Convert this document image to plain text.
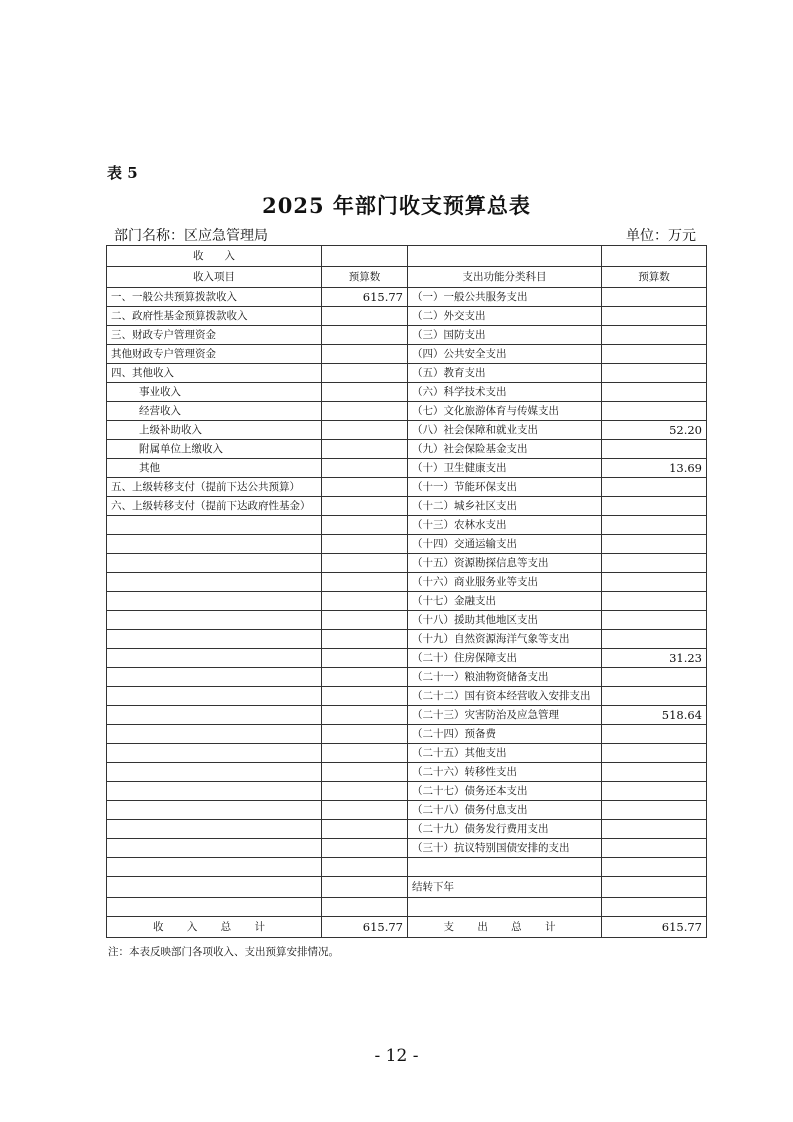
表 5
2025 年部门收支预算总表
部门名称：区应急管理局	单位：万元
收　　入			
收入项目	预算数	支出功能分类科目	预算数
一、一般公共预算拨款收入	615.77	（一）一般公共服务支出	
二、政府性基金预算拨款收入		（二）外交支出	
三、财政专户管理资金		（三）国防支出	
其他财政专户管理资金		（四）公共安全支出	
四、其他收入		（五）教育支出	
事业收入		（六）科学技术支出	
经营收入		（七）文化旅游体育与传媒支出	
上级补助收入		（八）社会保障和就业支出	52.20
附属单位上缴收入		（九）社会保险基金支出	
其他		（十）卫生健康支出	13.69
五、上级转移支付（提前下达公共预算）		（十一）节能环保支出	
六、上级转移支付（提前下达政府性基金）		（十二）城乡社区支出	
		（十三）农林水支出	
		（十四）交通运输支出	
		（十五）资源勘探信息等支出	
		（十六）商业服务业等支出	
		（十七）金融支出	
		（十八）援助其他地区支出	
		（十九）自然资源海洋气象等支出	
		（二十）住房保障支出	31.23
		（二十一）粮油物资储备支出	
		（二十二）国有资本经营收入安排支出	
		（二十三）灾害防治及应急管理	518.64
		（二十四）预备费	
		（二十五）其他支出	
		（二十六）转移性支出	
		（二十七）债务还本支出	
		（二十八）债务付息支出	
		（二十九）债务发行费用支出	
		（三十）抗议特别国债安排的支出	

		结转下年	

收 入 总 计	615.77	支 出 总 计	615.77
注：本表反映部门各项收入、支出预算安排情况。
- 12 -
